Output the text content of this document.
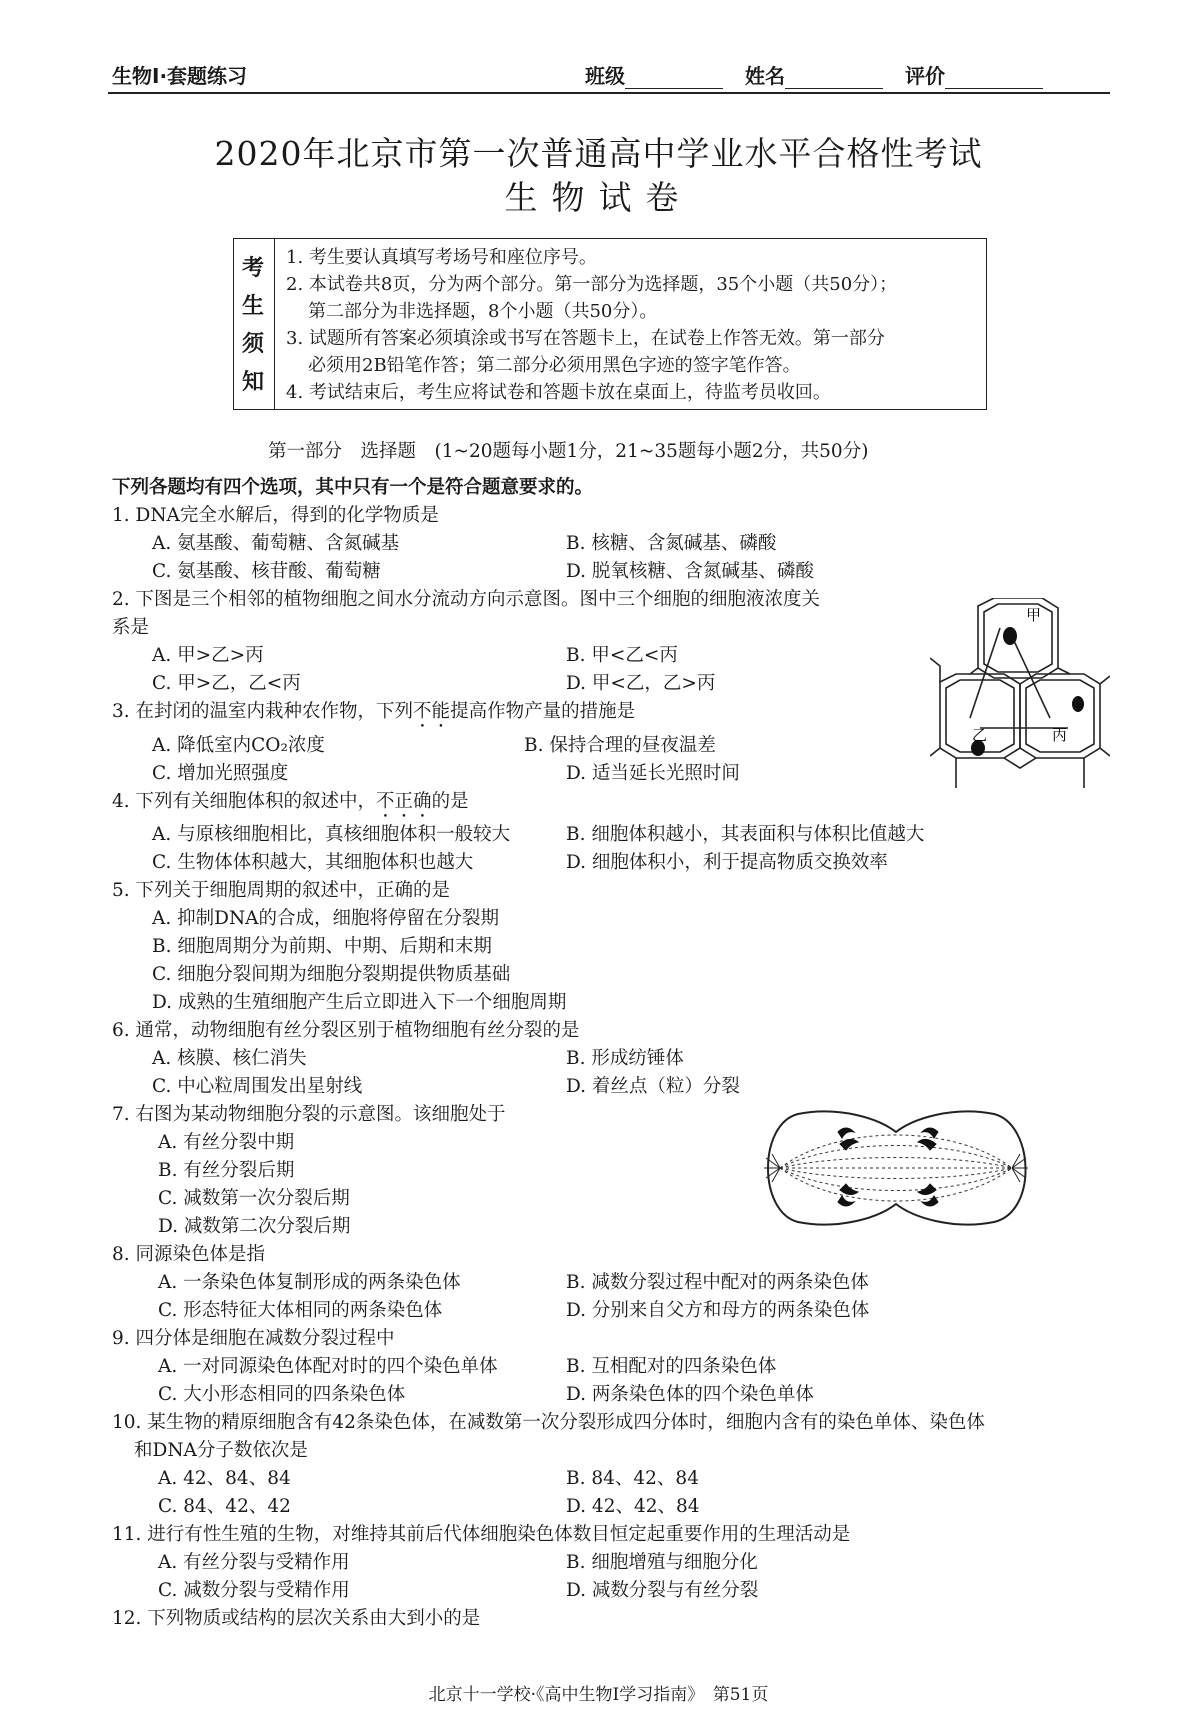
生物Ⅰ·套题练习	班级	姓名	评价
2020年北京市第一次普通高中学业水平合格性考试
生物试卷
考
生
须
知
1. 考生要认真填写考场号和座位序号。
2. 本试卷共8页，分为两个部分。第一部分为选择题，35个小题（共50分）；
第二部分为非选择题，8个小题（共50分）。
3. 试题所有答案必须填涂或书写在答题卡上，在试卷上作答无效。第一部分
必须用2B铅笔作答；第二部分必须用黑色字迹的签字笔作答。
4. 考试结束后，考生应将试卷和答题卡放在桌面上，待监考员收回。
第一部分　选择题　(1~20题每小题1分，21~35题每小题2分，共50分)
下列各题均有四个选项，其中只有一个是符合题意要求的。
1. DNA完全水解后，得到的化学物质是
A. 氨基酸、葡萄糖、含氮碱基	B. 核糖、含氮碱基、磷酸
C. 氨基酸、核苷酸、葡萄糖	D. 脱氧核糖、含氮碱基、磷酸
2. 下图是三个相邻的植物细胞之间水分流动方向示意图。图中三个细胞的细胞液浓度关
系是
A. 甲>乙>丙	B. 甲<乙<丙
C. 甲>乙，乙<丙	D. 甲<乙，乙>丙
甲
乙	丙
3. 在封闭的温室内栽种农作物，下列不能提高作物产量的措施是
A. 降低室内CO₂浓度	B. 保持合理的昼夜温差
C. 增加光照强度	D. 适当延长光照时间
4. 下列有关细胞体积的叙述中，不正确的是
A. 与原核细胞相比，真核细胞体积一般较大	B. 细胞体积越小，其表面积与体积比值越大
C. 生物体体积越大，其细胞体积也越大	D. 细胞体积小，利于提高物质交换效率
5. 下列关于细胞周期的叙述中，正确的是
A. 抑制DNA的合成，细胞将停留在分裂期
B. 细胞周期分为前期、中期、后期和末期
C. 细胞分裂间期为细胞分裂期提供物质基础
D. 成熟的生殖细胞产生后立即进入下一个细胞周期
6. 通常，动物细胞有丝分裂区别于植物细胞有丝分裂的是
A. 核膜、核仁消失	B. 形成纺锤体
C. 中心粒周围发出星射线	D. 着丝点（粒）分裂
7. 右图为某动物细胞分裂的示意图。该细胞处于
A. 有丝分裂中期
B. 有丝分裂后期
C. 减数第一次分裂后期
D. 减数第二次分裂后期
8. 同源染色体是指
A. 一条染色体复制形成的两条染色体	B. 减数分裂过程中配对的两条染色体
C. 形态特征大体相同的两条染色体	D. 分别来自父方和母方的两条染色体
9. 四分体是细胞在减数分裂过程中
A. 一对同源染色体配对时的四个染色单体	B. 互相配对的四条染色体
C. 大小形态相同的四条染色体	D. 两条染色体的四个染色单体
10. 某生物的精原细胞含有42条染色体，在减数第一次分裂形成四分体时，细胞内含有的染色单体、染色体
和DNA分子数依次是
A. 42、84、84	B. 84、42、84
C. 84、42、42	D. 42、42、84
11. 进行有性生殖的生物，对维持其前后代体细胞染色体数目恒定起重要作用的生理活动是
A. 有丝分裂与受精作用	B. 细胞增殖与细胞分化
C. 减数分裂与受精作用	D. 减数分裂与有丝分裂
12. 下列物质或结构的层次关系由大到小的是
北京十一学校·《高中生物Ⅰ学习指南》　第51页
